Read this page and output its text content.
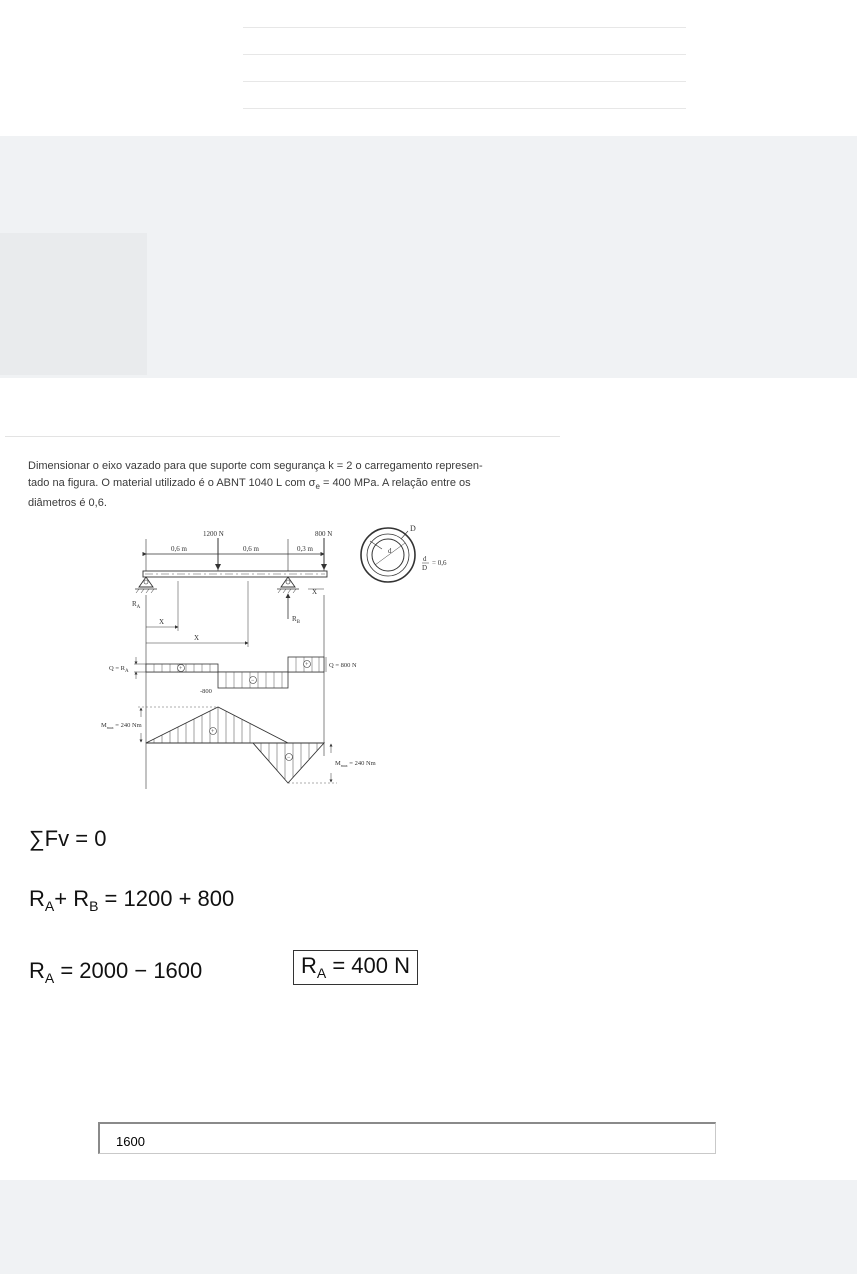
Dimensionar o eixo vazado para que suporte com segurança k = 2 o carregamento represen-
tado na figura. O material utilizado é o ABNT 1040 L com $\sigma_e = 400$ MPa. A relação entre os
diâmetros é 0,6.
0,6 m	0,6 m	0,3 m
1200 N	800 N
$R_A$
$R_B$
X
X
X
D
d
d
D
= 0,6
+
−
+
$Q = R_A$
-800
Q = 800 N
+
−
$M_{max} = 240$ Nm
$M_{max} = 240$ Nm
∑Fv = 0
$R_A+ R_B = 1200 + 800$
$R_A = 2000 - 1600$	$R_A = 400$ N
1600
